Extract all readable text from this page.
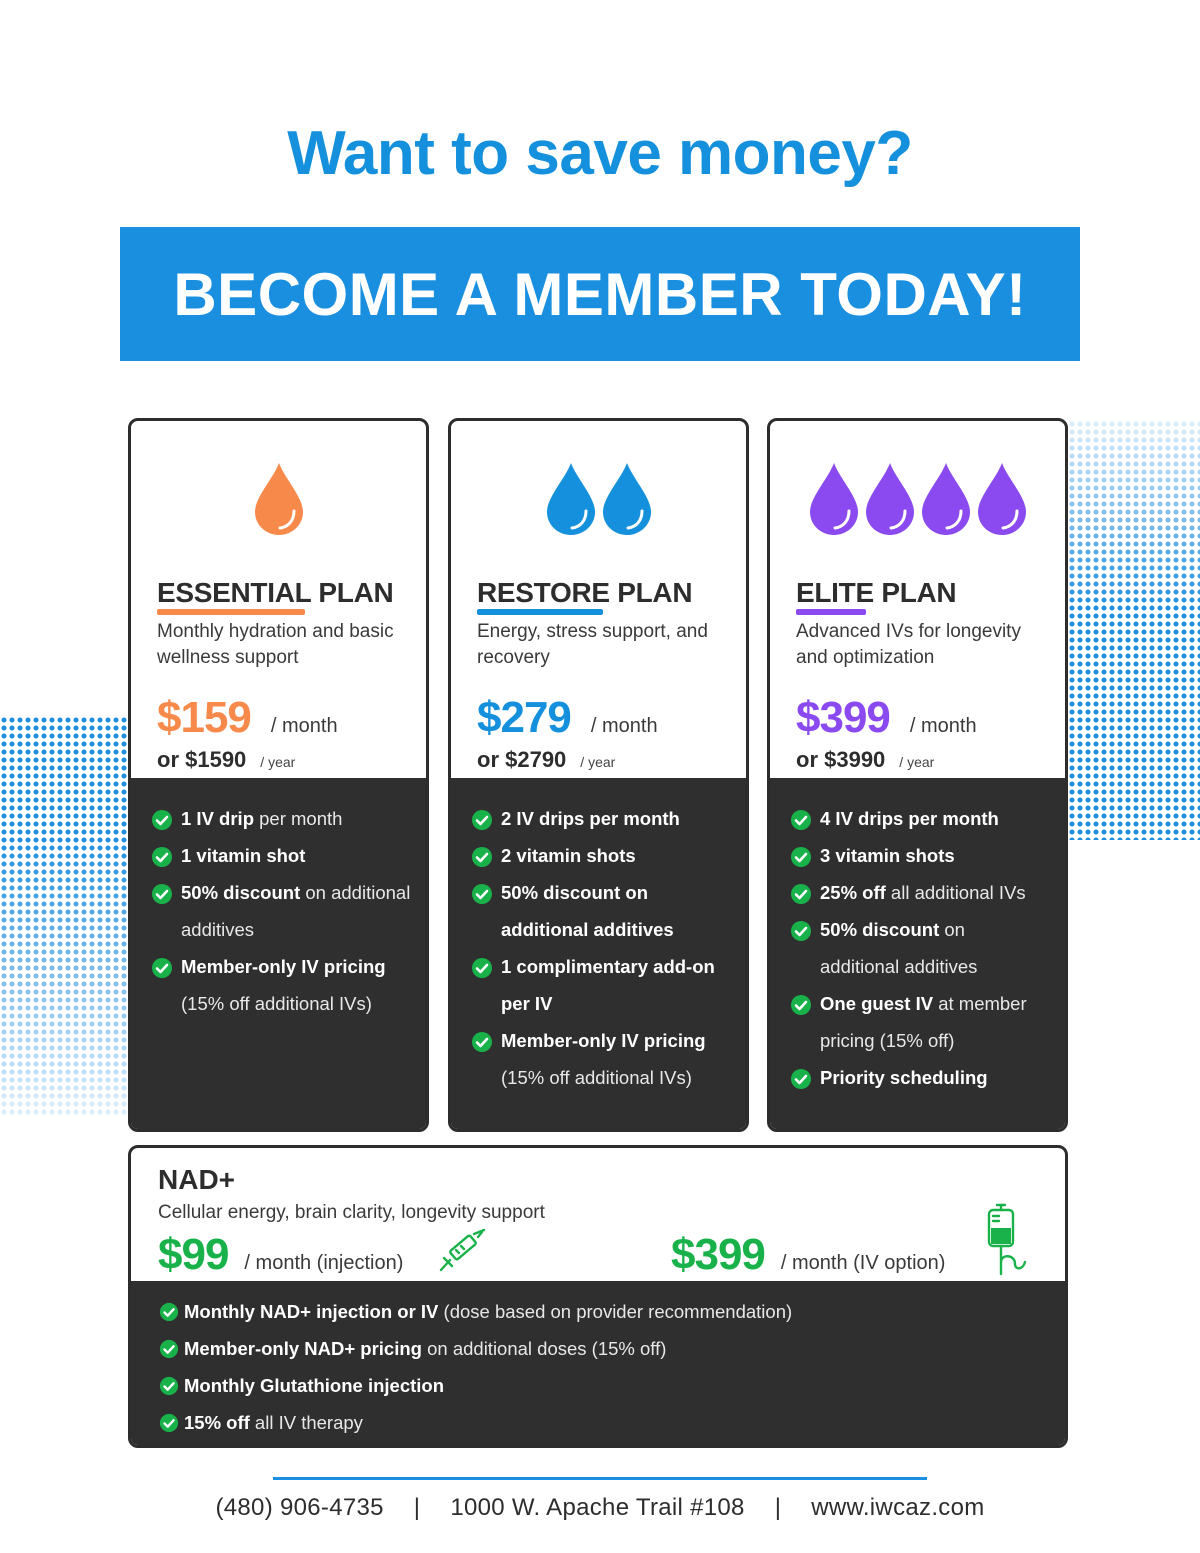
Want to save money?
BECOME A MEMBER TODAY!
ESSENTIAL PLAN
Monthly hydration and basic wellness support
$159 / month
or $1590 / year
1 IV drip per month
1 vitamin shot
50% discount on additional additives
Member-only IV pricing (15% off additional IVs)
RESTORE PLAN
Energy, stress support, and recovery
$279 / month
or $2790 / year
2 IV drips per month
2 vitamin shots
50% discount on additional additives
1 complimentary add-on per IV
Member-only IV pricing (15% off additional IVs)
ELITE PLAN
Advanced IVs for longevity and optimization
$399 / month
or $3990 / year
4 IV drips per month
3 vitamin shots
25% off all additional IVs
50% discount on additional additives
One guest IV at member pricing (15% off)
Priority scheduling
NAD+
Cellular energy, brain clarity, longevity support
$99 / month (injection)	$399 / month (IV option)
Monthly NAD+ injection or IV (dose based on provider recommendation)
Member-only NAD+ pricing on additional doses (15% off)
Monthly Glutathione injection
15% off all IV therapy
(480) 906-4735 | 1000 W. Apache Trail #108 | www.iwcaz.com
